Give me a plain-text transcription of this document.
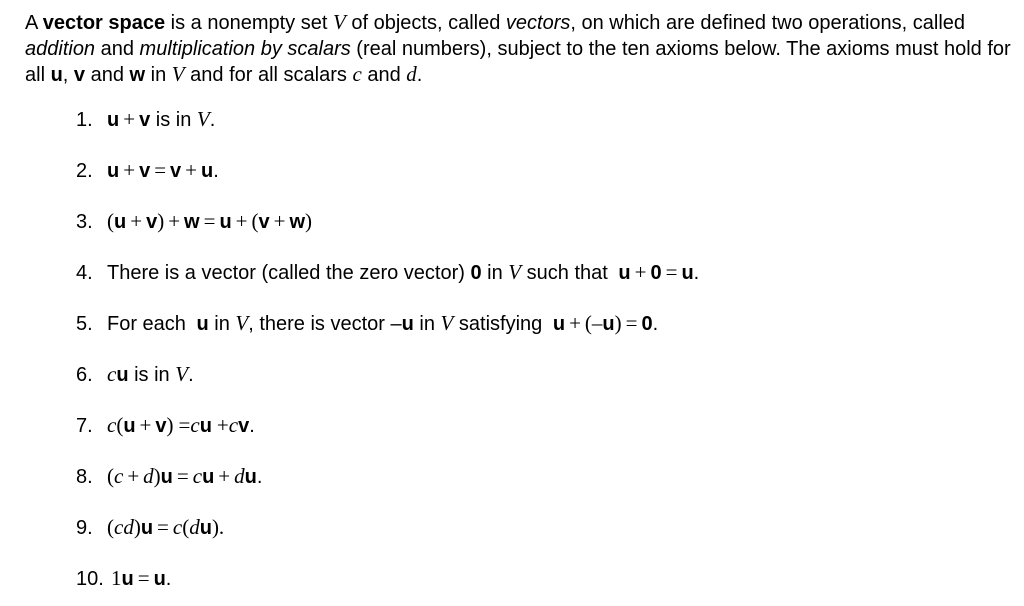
A vector space is a nonempty set V of objects, called vectors, on which are defined two operations, called addition and multiplication by scalars (real numbers), subject to the ten axioms below. The axioms must hold for all u, v and w in V and for all scalars c and d.

1. u + v is in V.
2. u + v = v + u.
3. (u + v) + w = u + (v + w)
4. There is a vector (called the zero vector) 0 in V such that u + 0 = u.
5. For each u in V, there is vector –u in V satisfying u + (–u) = 0.
6. cu is in V.
7. c(u + v) =cu +cv.
8. (c + d)u = cu + du.
9. (cd)u = c(du).
10. 1u = u.
